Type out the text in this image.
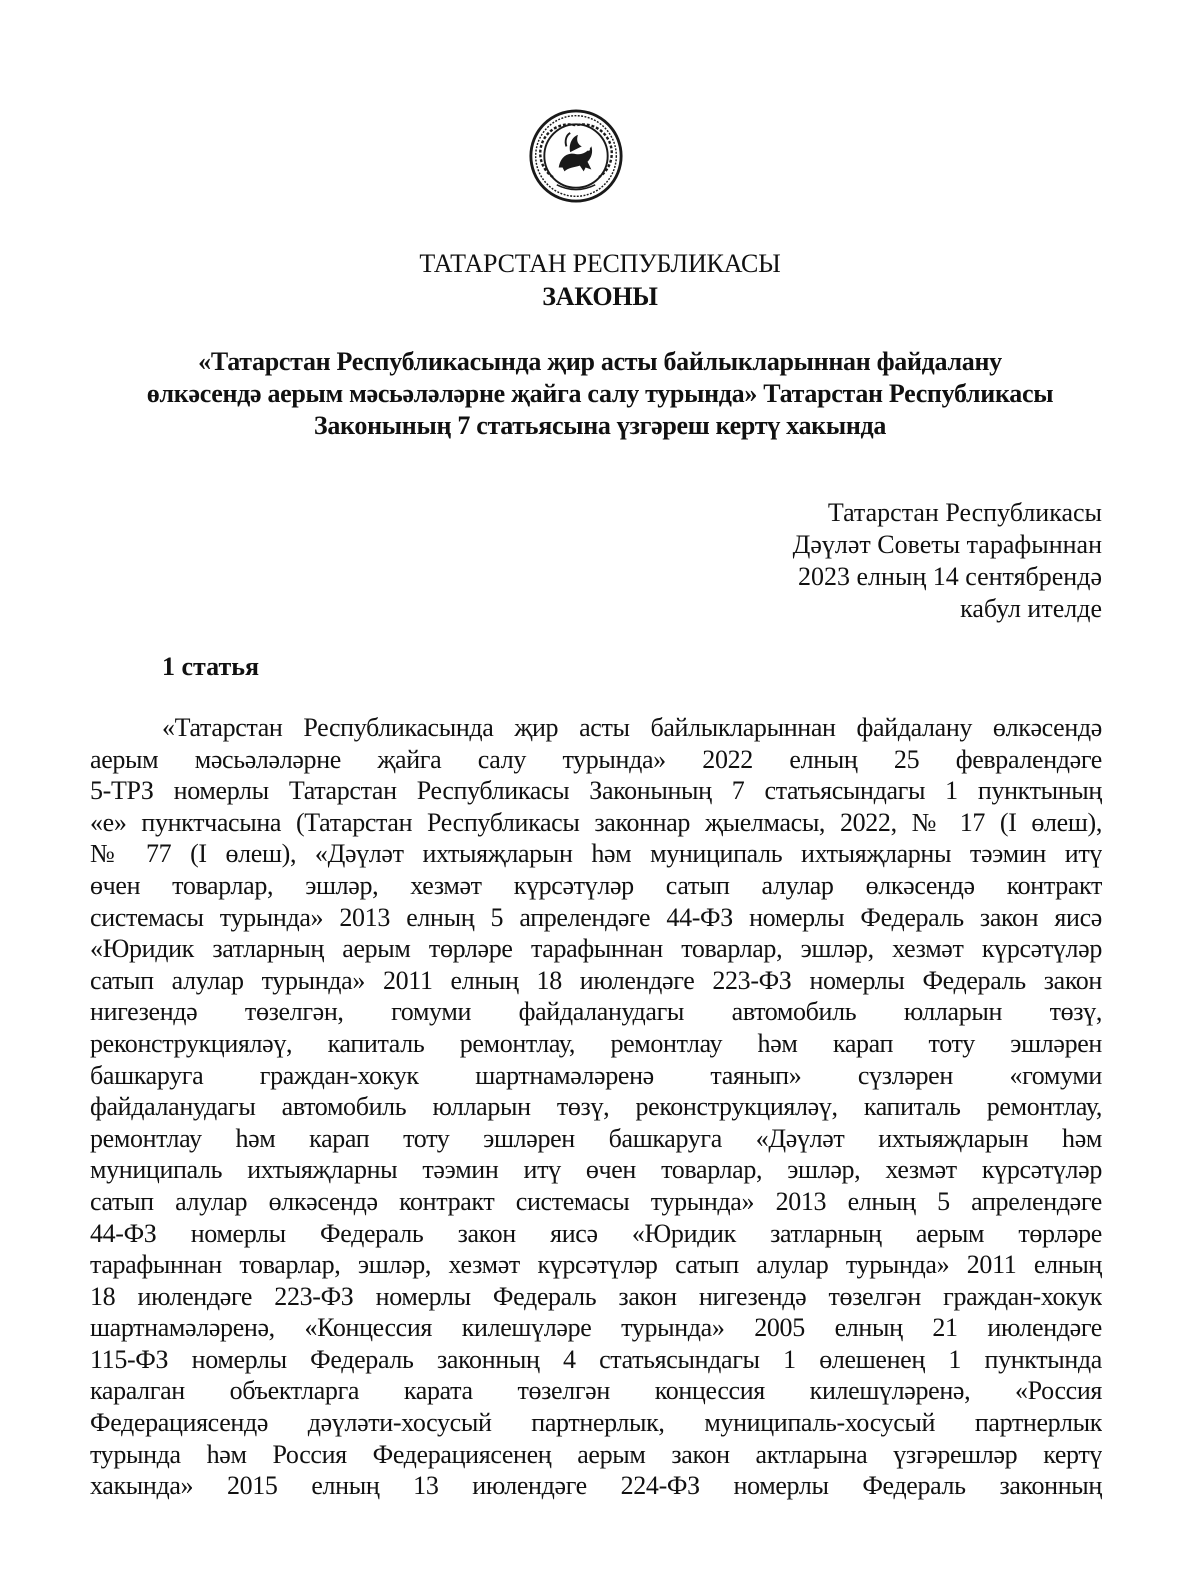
ТАТАРСТАН РЕСПУБЛИКАСЫ
ЗАКОНЫ
«Татарстан Республикасында җир асты байлыкларыннан файдалану
өлкәсендә аерым мәсьәләләрне җайга салу турында» Татарстан Республикасы
Законының 7 статьясына үзгәреш кертү хакында
Татарстан Республикасы
Дәүләт Советы тарафыннан
2023 елның 14 сентябрендә
кабул ителде
1 статья
«Татарстан Республикасында җир асты байлыкларыннан файдалану өлкәсендә
аерым мәсьәләләрне җайга салу турында» 2022 елның 25 февралендәге
5-ТРЗ номерлы Татарстан Республикасы Законының 7 статьясындагы 1 пунктының
«е» пунктчасына (Татарстан Республикасы законнар җыелмасы, 2022, № 17 (I өлеш),
№ 77 (I өлеш), «Дәүләт ихтыяҗларын һәм муниципаль ихтыяҗларны тәэмин итү
өчен товарлар, эшләр, хезмәт күрсәтүләр сатып алулар өлкәсендә контракт
системасы турында» 2013 елның 5 апрелендәге 44-ФЗ номерлы Федераль закон яисә
«Юридик затларның аерым төрләре тарафыннан товарлар, эшләр, хезмәт күрсәтүләр
сатып алулар турында» 2011 елның 18 июлендәге 223-ФЗ номерлы Федераль закон
нигезендә төзелгән, гомуми файдаланудагы автомобиль юлларын төзү,
реконструкцияләү, капиталь ремонтлау, ремонтлау һәм карап тоту эшләрен
башкаруга граждан-хокук шартнамәләренә таянып» сүзләрен «гомуми
файдаланудагы автомобиль юлларын төзү, реконструкцияләү, капиталь ремонтлау,
ремонтлау һәм карап тоту эшләрен башкаруга «Дәүләт ихтыяҗларын һәм
муниципаль ихтыяҗларны тәэмин итү өчен товарлар, эшләр, хезмәт күрсәтүләр
сатып алулар өлкәсендә контракт системасы турында» 2013 елның 5 апрелендәге
44-ФЗ номерлы Федераль закон яисә «Юридик затларның аерым төрләре
тарафыннан товарлар, эшләр, хезмәт күрсәтүләр сатып алулар турында» 2011 елның
18 июлендәге 223-ФЗ номерлы Федераль закон нигезендә төзелгән граждан-хокук
шартнамәләренә, «Концессия килешүләре турында» 2005 елның 21 июлендәге
115-ФЗ номерлы Федераль законның 4 статьясындагы 1 өлешенең 1 пунктында
каралган объектларга карата төзелгән концессия килешүләренә, «Россия
Федерациясендә дәүләти-хосусый партнерлык, муниципаль-хосусый партнерлык
турында һәм Россия Федерациясенең аерым закон актларына үзгәрешләр кертү
хакында» 2015 елның 13 июлендәге 224-ФЗ номерлы Федераль законның
